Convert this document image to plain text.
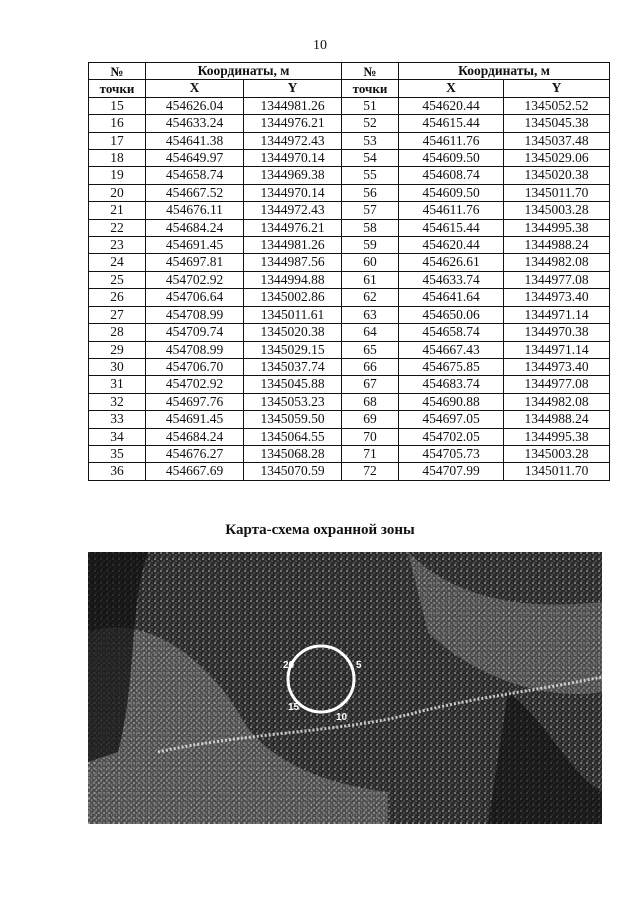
10
№	Координаты, м		№	Координаты, м	
точки	X	Y	точки	X	Y
15	454626.04	1344981.26	51	454620.44	1345052.52
16	454633.24	1344976.21	52	454615.44	1345045.38
17	454641.38	1344972.43	53	454611.76	1345037.48
18	454649.97	1344970.14	54	454609.50	1345029.06
19	454658.74	1344969.38	55	454608.74	1345020.38
20	454667.52	1344970.14	56	454609.50	1345011.70
21	454676.11	1344972.43	57	454611.76	1345003.28
22	454684.24	1344976.21	58	454615.44	1344995.38
23	454691.45	1344981.26	59	454620.44	1344988.24
24	454697.81	1344987.56	60	454626.61	1344982.08
25	454702.92	1344994.88	61	454633.74	1344977.08
26	454706.64	1345002.86	62	454641.64	1344973.40
27	454708.99	1345011.61	63	454650.06	1344971.14
28	454709.74	1345020.38	64	454658.74	1344970.38
29	454708.99	1345029.15	65	454667.43	1344971.14
30	454706.70	1345037.74	66	454675.85	1344973.40
31	454702.92	1345045.88	67	454683.74	1344977.08
32	454697.76	1345053.23	68	454690.88	1344982.08
33	454691.45	1345059.50	69	454697.05	1344988.24
34	454684.24	1345064.55	70	454702.05	1344995.38
35	454676.27	1345068.28	71	454705.73	1345003.28
36	454667.69	1345070.59	72	454707.99	1345011.70
Карта-схема охранной зоны
20
15
10
5
